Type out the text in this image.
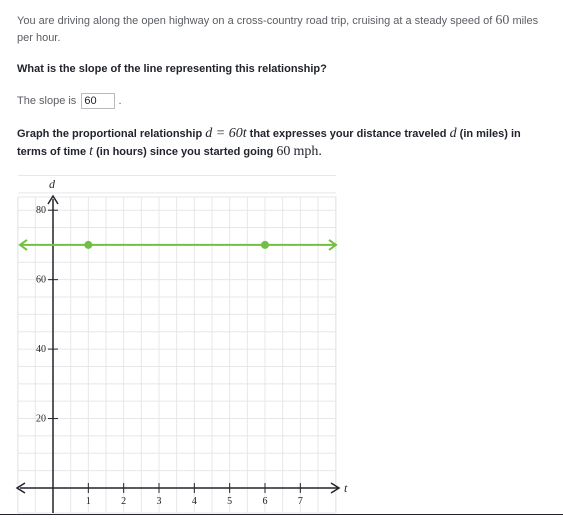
You are driving along the open highway on a cross-country road trip, cruising at a steady speed of 60 miles per hour.

What is the slope of the line representing this relationship?

The slope is 60 .

Graph the proportional relationship d = 60t that expresses your distance traveled d (in miles) in terms of time t (in hours) since you started going 60 mph.

t
d
1	2	3	4	5	6	7
20
40
60
80
